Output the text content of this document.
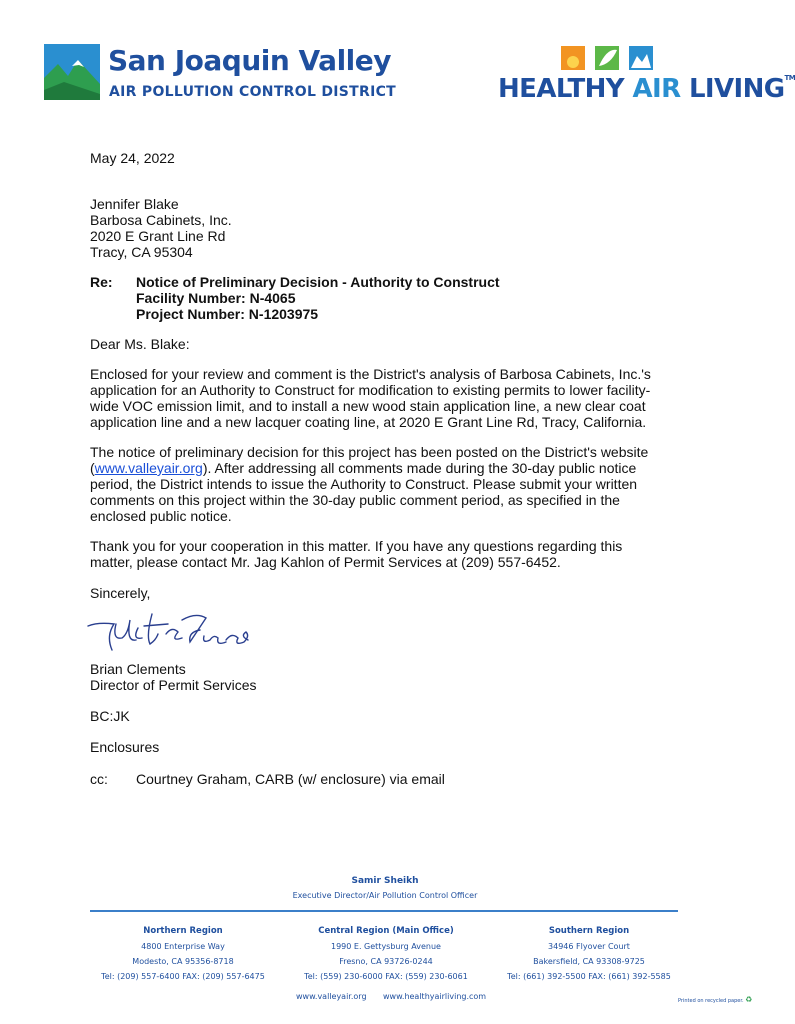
San Joaquin Valley
AIR POLLUTION CONTROL DISTRICT	HEALTHY AIR LIVING™
May 24, 2022
Jennifer Blake
Barbosa Cabinets, Inc.
2020 E Grant Line Rd
Tracy, CA 95304
Re: Notice of Preliminary Decision - Authority to Construct
Facility Number: N-4065
Project Number: N-1203975
Dear Ms. Blake:
Enclosed for your review and comment is the District's analysis of Barbosa Cabinets, Inc.'s
application for an Authority to Construct for modification to existing permits to lower facility-
wide VOC emission limit, and to install a new wood stain application line, a new clear coat
application line and a new lacquer coating line, at 2020 E Grant Line Rd, Tracy, California.
The notice of preliminary decision for this project has been posted on the District's website
(www.valleyair.org). After addressing all comments made during the 30-day public notice
period, the District intends to issue the Authority to Construct. Please submit your written
comments on this project within the 30-day public comment period, as specified in the
enclosed public notice.
Thank you for your cooperation in this matter. If you have any questions regarding this
matter, please contact Mr. Jag Kahlon of Permit Services at (209) 557-6452.
Sincerely,
Brian Clements
Director of Permit Services
BC:JK
Enclosures
cc: Courtney Graham, CARB (w/ enclosure) via email
Samir Sheikh
Executive Director/Air Pollution Control Officer
Northern Region
4800 Enterprise Way
Modesto, CA 95356-8718
Tel: (209) 557-6400 FAX: (209) 557-6475
Central Region (Main Office)
1990 E. Gettysburg Avenue
Fresno, CA 93726-0244
Tel: (559) 230-6000 FAX: (559) 230-6061
Southern Region
34946 Flyover Court
Bakersfield, CA 93308-9725
Tel: (661) 392-5500 FAX: (661) 392-5585
www.valleyair.org www.healthyairliving.com	Printed on recycled paper. ♻
